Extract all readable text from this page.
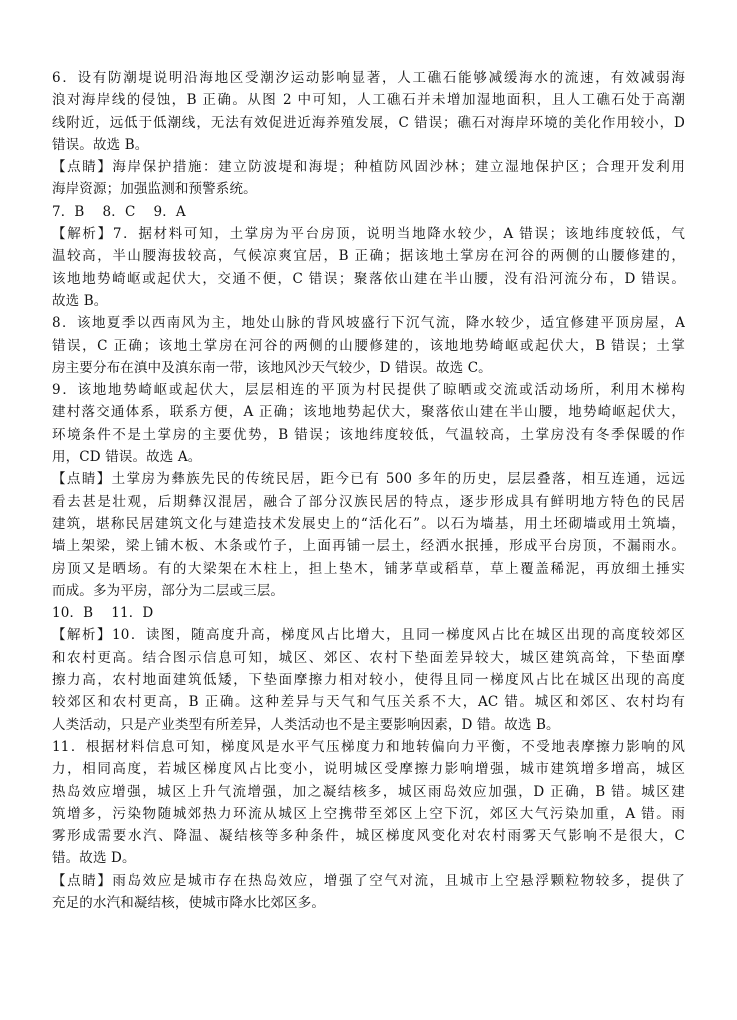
6．设有防潮堤说明沿海地区受潮汐运动影响显著，人工礁石能够减缓海水的流速，有效减弱海
浪对海岸线的侵蚀，B 正确。从图 2 中可知，人工礁石并未增加湿地面积，且人工礁石处于高潮
线附近，远低于低潮线，无法有效促进近海养殖发展，C 错误；礁石对海岸环境的美化作用较小，D
错误。故选 B。
【点睛】海岸保护措施：建立防波堤和海堤；种植防风固沙林；建立湿地保护区；合理开发利用
海岸资源；加强监测和预警系统。
7．B　 8．C　 9．A
【解析】7．据材料可知，土掌房为平台房顶，说明当地降水较少，A 错误；该地纬度较低，气
温较高，半山腰海拔较高，气候凉爽宜居，B 正确；据该地土掌房在河谷的两侧的山腰修建的，
该地地势崎岖或起伏大，交通不便，C 错误；聚落依山建在半山腰，没有沿河流分布，D 错误。
故选 B。
8．该地夏季以西南风为主，地处山脉的背风坡盛行下沉气流，降水较少，适宜修建平顶房屋，A
错误，C 正确；该地土掌房在河谷的两侧的山腰修建的，该地地势崎岖或起伏大，B 错误；土掌
房主要分布在滇中及滇东南一带，该地风沙天气较少，D 错误。故选 C。
9．该地地势崎岖或起伏大，层层相连的平顶为村民提供了晾晒或交流或活动场所，利用木梯构
建村落交通体系，联系方便，A 正确；该地地势起伏大，聚落依山建在半山腰，地势崎岖起伏大，
环境条件不是土掌房的主要优势，B 错误；该地纬度较低，气温较高，土掌房没有冬季保暖的作
用，CD 错误。故选 A。
【点睛】土掌房为彝族先民的传统民居，距今已有 500 多年的历史，层层叠落，相互连通，远远
看去甚是壮观，后期彝汉混居，融合了部分汉族民居的特点，逐步形成具有鲜明地方特色的民居
建筑，堪称民居建筑文化与建造技术发展史上的“活化石”。以石为墙基，用土坯砌墙或用土筑墙，
墙上架梁，梁上铺木板、木条或竹子，上面再铺一层土，经洒水抿捶，形成平台房顶，不漏雨水。
房顶又是晒场。有的大梁架在木柱上，担上垫木，铺茅草或稻草，草上覆盖稀泥，再放细土捶实
而成。多为平房，部分为二层或三层。
10．B　 11．D
【解析】10．读图，随高度升高，梯度风占比增大，且同一梯度风占比在城区出现的高度较郊区
和农村更高。结合图示信息可知，城区、郊区、农村下垫面差异较大，城区建筑高耸，下垫面摩
擦力高，农村地面建筑低矮，下垫面摩擦力相对较小，使得且同一梯度风占比在城区出现的高度
较郊区和农村更高，B 正确。这种差异与天气和气压关系不大，AC 错。城区和郊区、农村均有
人类活动，只是产业类型有所差异，人类活动也不是主要影响因素，D 错。故选 B。
11．根据材料信息可知，梯度风是水平气压梯度力和地转偏向力平衡，不受地表摩擦力影响的风
力，相同高度，若城区梯度风占比变小，说明城区受摩擦力影响增强，城市建筑增多增高，城区
热岛效应增强，城区上升气流增强，加之凝结核多，城区雨岛效应加强，D 正确，B 错。城区建
筑增多，污染物随城郊热力环流从城区上空携带至郊区上空下沉，郊区大气污染加重，A 错。雨
雾形成需要水汽、降温、凝结核等多种条件，城区梯度风变化对农村雨雾天气影响不是很大，C
错。故选 D。
【点睛】雨岛效应是城市存在热岛效应，增强了空气对流，且城市上空悬浮颗粒物较多，提供了
充足的水汽和凝结核，使城市降水比郊区多。
